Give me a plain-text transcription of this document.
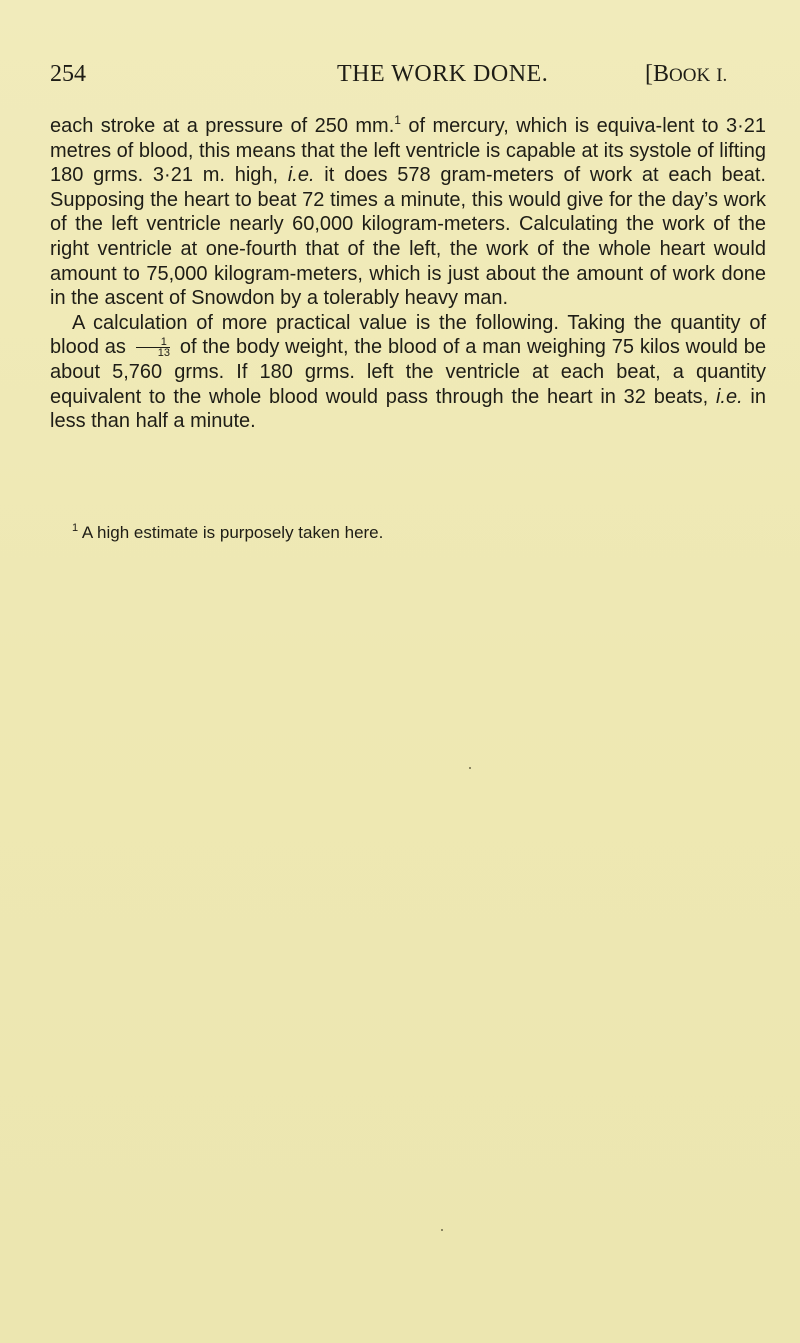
254	THE WORK DONE.	[BOOK I.

each stroke at a pressure of 250 mm.$^1$ of mercury, which is equiva-lent to 3·21 metres of blood, this means that the left ventricle is capable at its systole of lifting 180 grms. 3·21 m. high, i.e. it does 578 gram-meters of work at each beat. Supposing the heart to beat 72 times a minute, this would give for the day’s work of the left ventricle nearly 60,000 kilogram-meters. Calculating the work of the right ventricle at one-fourth that of the left, the work of the whole heart would amount to 75,000 kilogram-meters, which is just about the amount of work done in the ascent of Snowdon by a tolerably heavy man.

A calculation of more practical value is the following. Taking the quantity of blood as $\frac{1}{13}$ of the body weight, the blood of a man weighing 75 kilos would be about 5,760 grms. If 180 grms. left the ventricle at each beat, a quantity equivalent to the whole blood would pass through the heart in 32 beats, i.e. in less than half a minute.

$^1$ A high estimate is purposely taken here.
